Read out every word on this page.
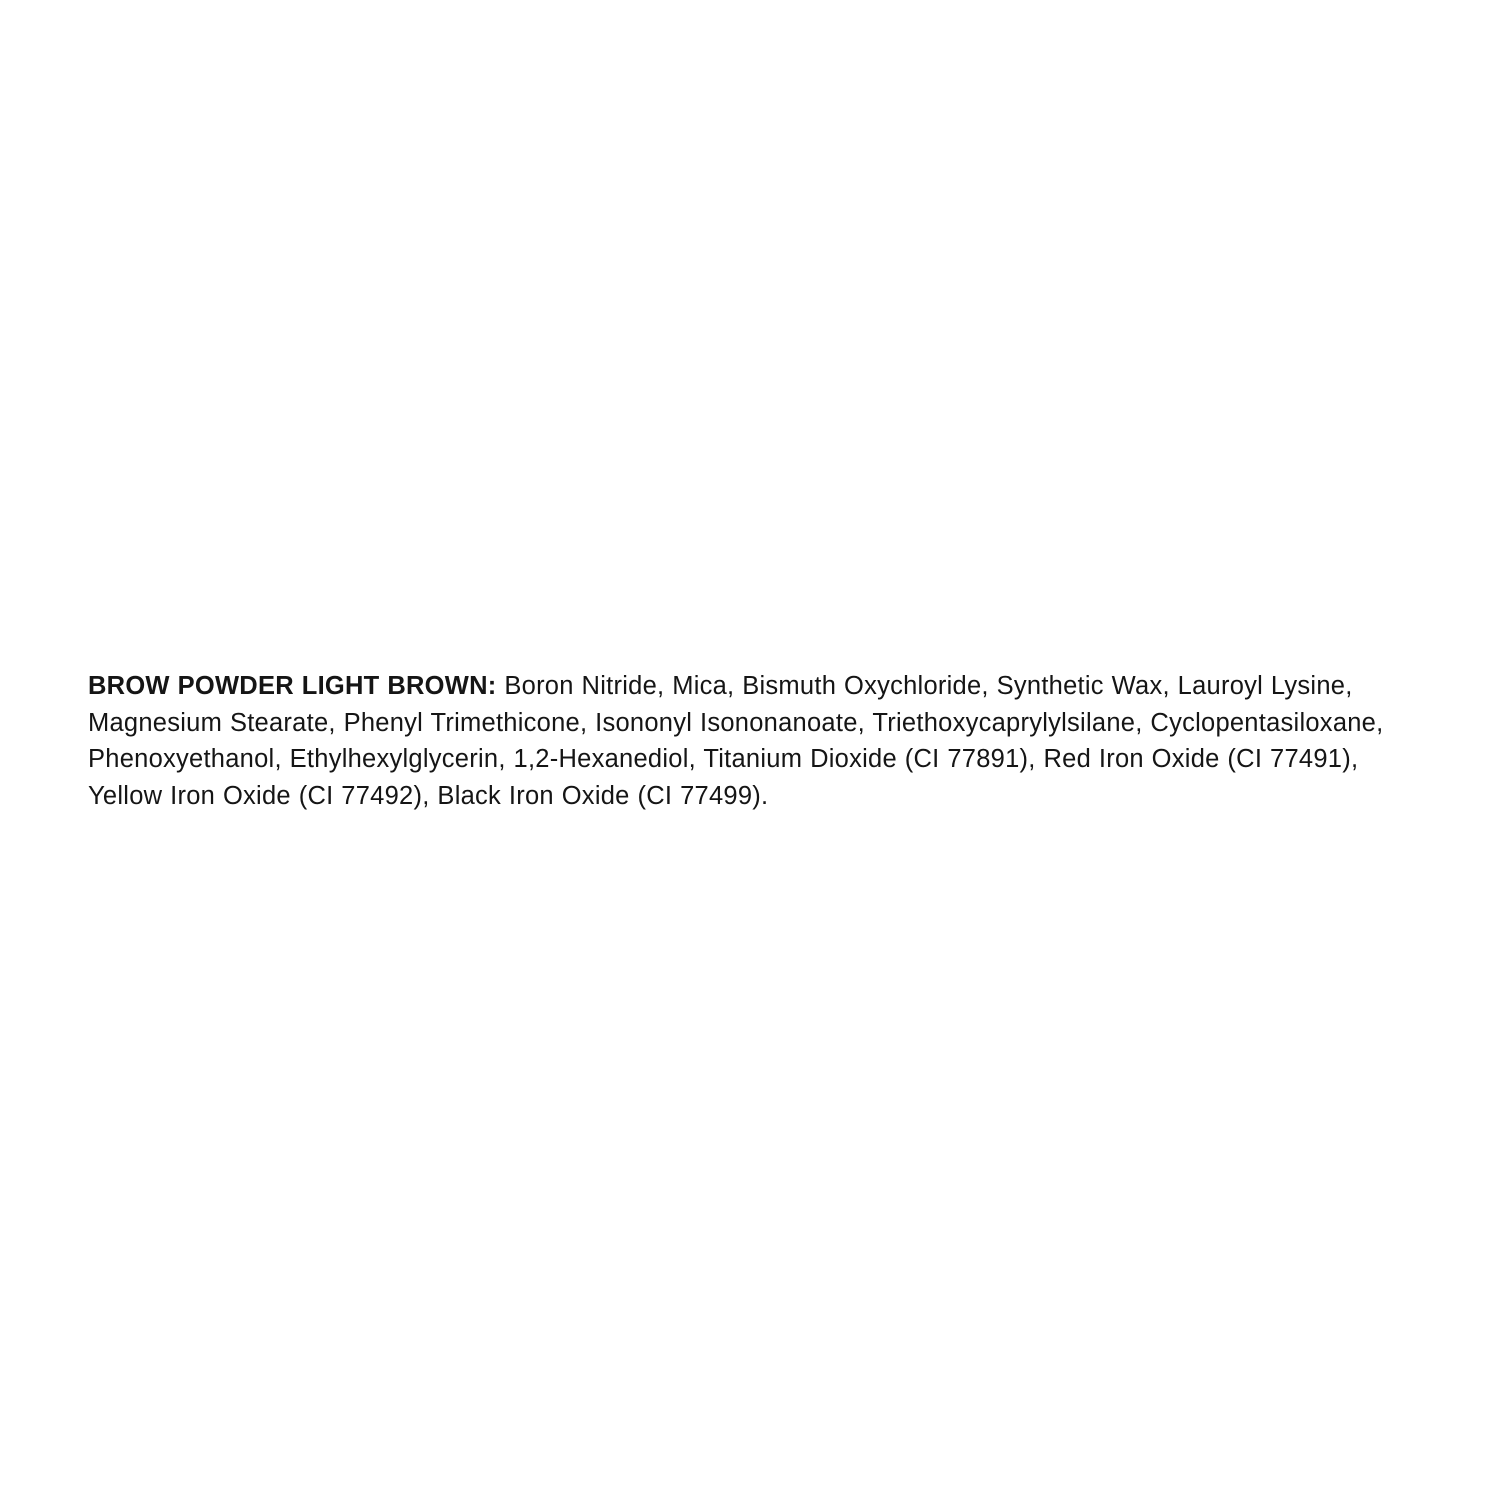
BROW POWDER LIGHT BROWN: Boron Nitride, Mica, Bismuth Oxychloride, Synthetic Wax, Lauroyl Lysine, Magnesium Stearate, Phenyl Trimethicone, Isononyl Isononanoate, Triethoxycaprylylsilane, Cyclopentasiloxane, Phenoxyethanol, Ethylhexylglycerin, 1,2-Hexanediol, Titanium Dioxide (CI 77891), Red Iron Oxide (CI 77491), Yellow Iron Oxide (CI 77492), Black Iron Oxide (CI 77499).
